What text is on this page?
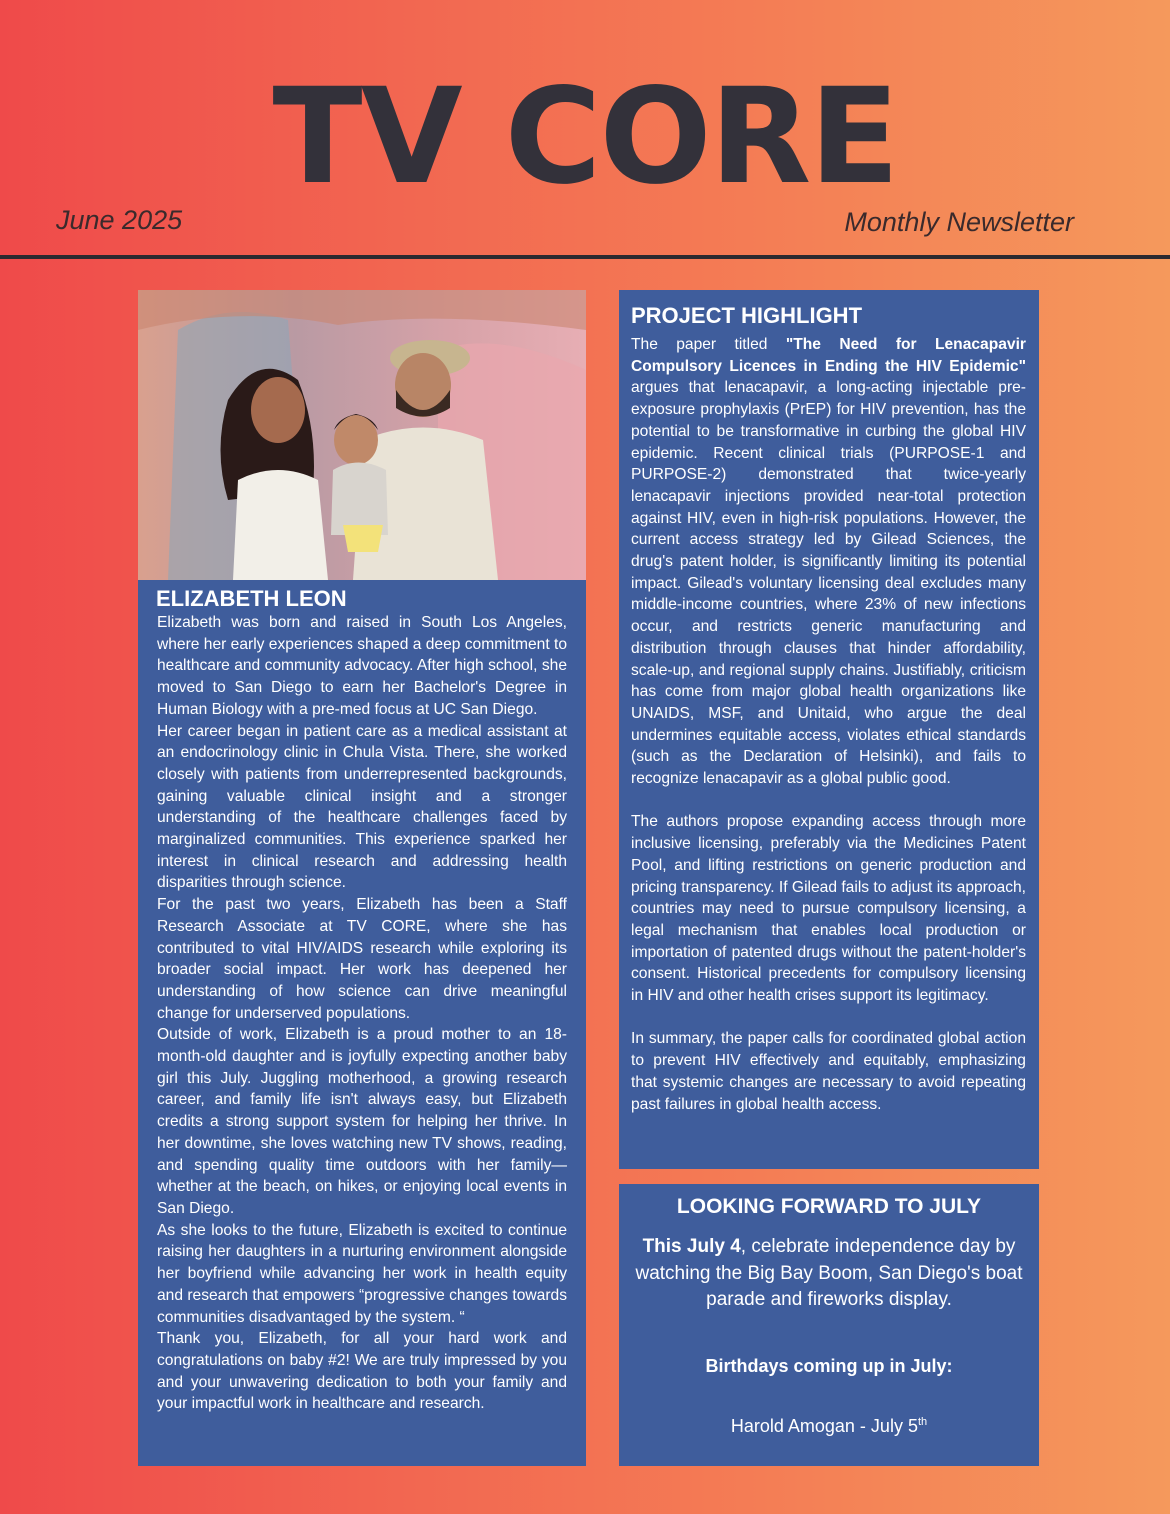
TV CORE
June 2025	Monthly Newsletter
ELIZABETH LEON

Elizabeth was born and raised in South Los Angeles, where her early experiences shaped a deep commitment to healthcare and community advocacy. After high school, she moved to San Diego to earn her Bachelor's Degree in Human Biology with a pre-med focus at UC San Diego.

Her career began in patient care as a medical assistant at an endocrinology clinic in Chula Vista. There, she worked closely with patients from underrepresented backgrounds, gaining valuable clinical insight and a stronger understanding of the healthcare challenges faced by marginalized communities. This experience sparked her interest in clinical research and addressing health disparities through science.

For the past two years, Elizabeth has been a Staff Research Associate at TV CORE, where she has contributed to vital HIV/AIDS research while exploring its broader social impact. Her work has deepened her understanding of how science can drive meaningful change for underserved populations.

Outside of work, Elizabeth is a proud mother to an 18-month-old daughter and is joyfully expecting another baby girl this July. Juggling motherhood, a growing research career, and family life isn't always easy, but Elizabeth credits a strong support system for helping her thrive. In her downtime, she loves watching new TV shows, reading, and spending quality time outdoors with her family—whether at the beach, on hikes, or enjoying local events in San Diego.

As she looks to the future, Elizabeth is excited to continue raising her daughters in a nurturing environment alongside her boyfriend while advancing her work in health equity and research that empowers “progressive changes towards communities disadvantaged by the system. “

Thank you, Elizabeth, for all your hard work and congratulations on baby #2! We are truly impressed by you and your unwavering dedication to both your family and your impactful work in healthcare and research.

PROJECT HIGHLIGHT

The paper titled "The Need for Lenacapavir Compulsory Licences in Ending the HIV Epidemic" argues that lenacapavir, a long-acting injectable pre-exposure prophylaxis (PrEP) for HIV prevention, has the potential to be transformative in curbing the global HIV epidemic. Recent clinical trials (PURPOSE-1 and PURPOSE-2) demonstrated that twice-yearly lenacapavir injections provided near-total protection against HIV, even in high-risk populations. However, the current access strategy led by Gilead Sciences, the drug's patent holder, is significantly limiting its potential impact. Gilead's voluntary licensing deal excludes many middle-income countries, where 23% of new infections occur, and restricts generic manufacturing and distribution through clauses that hinder affordability, scale-up, and regional supply chains. Justifiably, criticism has come from major global health organizations like UNAIDS, MSF, and Unitaid, who argue the deal undermines equitable access, violates ethical standards (such as the Declaration of Helsinki), and fails to recognize lenacapavir as a global public good.

The authors propose expanding access through more inclusive licensing, preferably via the Medicines Patent Pool, and lifting restrictions on generic production and pricing transparency. If Gilead fails to adjust its approach, countries may need to pursue compulsory licensing, a legal mechanism that enables local production or importation of patented drugs without the patent-holder's consent. Historical precedents for compulsory licensing in HIV and other health crises support its legitimacy.

In summary, the paper calls for coordinated global action to prevent HIV effectively and equitably, emphasizing that systemic changes are necessary to avoid repeating past failures in global health access.

LOOKING FORWARD TO JULY
This July 4, celebrate independence day by watching the Big Bay Boom, San Diego's boat parade and fireworks display.
Birthdays coming up in July:
Harold Amogan - July 5th
